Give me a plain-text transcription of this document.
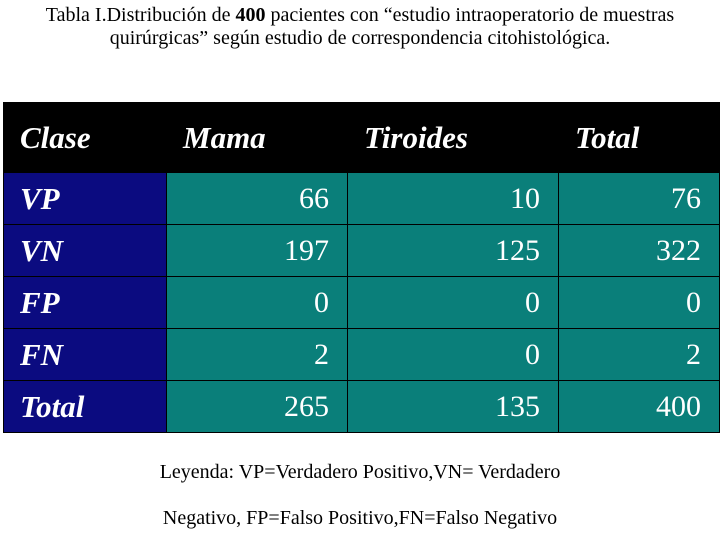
Tabla I.Distribución de 400 pacientes con “estudio intraoperatorio de muestras quirúrgicas” según estudio de correspondencia citohistológica.
Clase	Mama	Tiroides	Total
VP	66	10	76
VN	197	125	322
FP	0	0	0
FN	2	0	2
Total	265	135	400
Leyenda: VP=Verdadero Positivo,VN= Verdadero
Negativo, FP=Falso Positivo,FN=Falso Negativo
